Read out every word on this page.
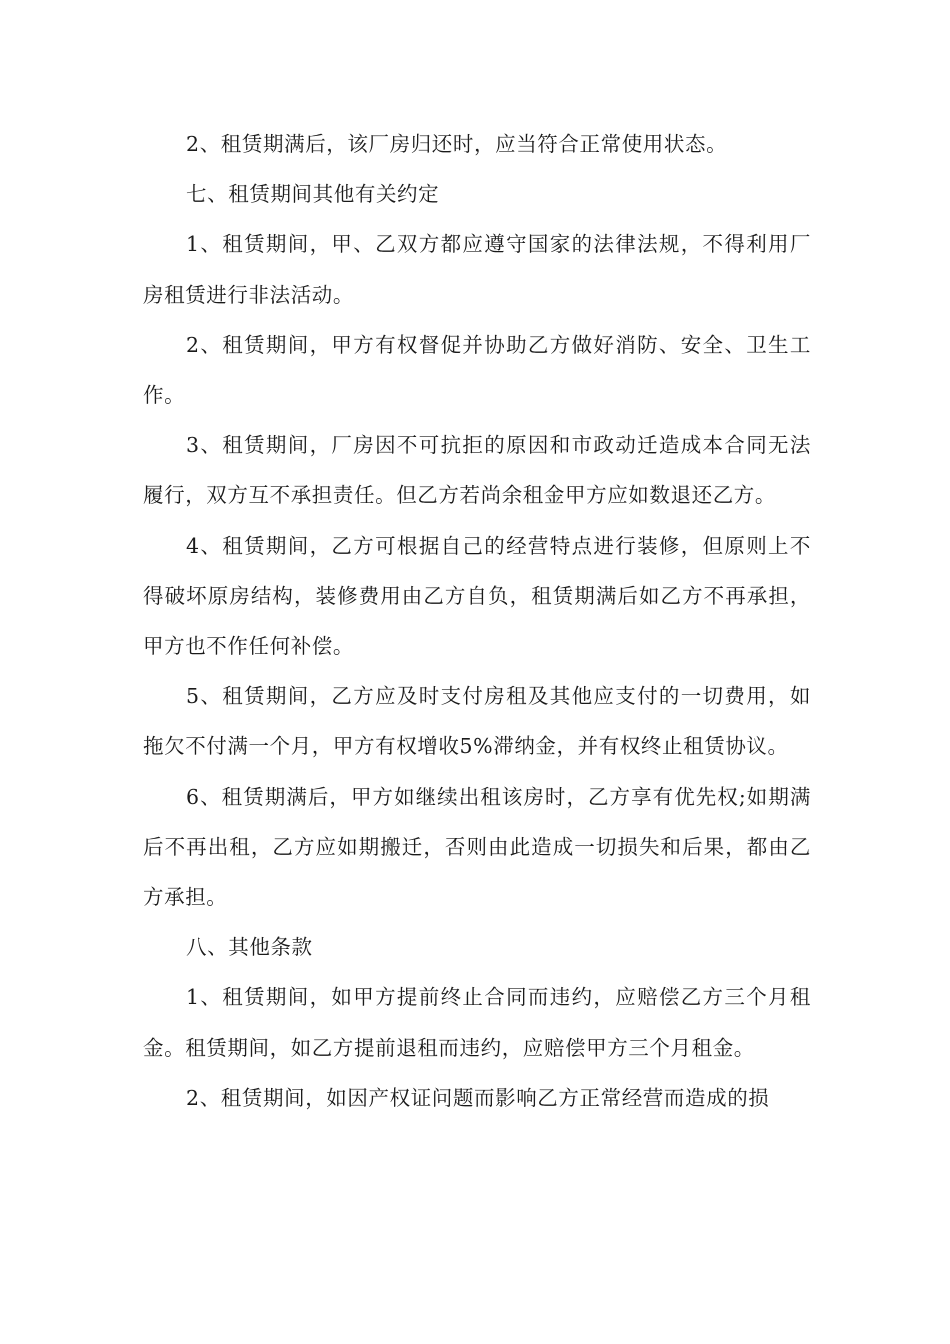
2、租赁期满后，该厂房归还时，应当符合正常使用状态。

七、租赁期间其他有关约定

1、租赁期间，甲、乙双方都应遵守国家的法律法规，不得利用厂房租赁进行非法活动。

2、租赁期间，甲方有权督促并协助乙方做好消防、安全、卫生工作。

3、租赁期间，厂房因不可抗拒的原因和市政动迁造成本合同无法履行，双方互不承担责任。但乙方若尚余租金甲方应如数退还乙方。

4、租赁期间，乙方可根据自己的经营特点进行装修，但原则上不得破坏原房结构，装修费用由乙方自负，租赁期满后如乙方不再承担，甲方也不作任何补偿。

5、租赁期间，乙方应及时支付房租及其他应支付的一切费用，如拖欠不付满一个月，甲方有权增收5%滞纳金，并有权终止租赁协议。

6、租赁期满后，甲方如继续出租该房时，乙方享有优先权;如期满后不再出租，乙方应如期搬迁，否则由此造成一切损失和后果，都由乙方承担。

八、其他条款

1、租赁期间，如甲方提前终止合同而违约，应赔偿乙方三个月租金。租赁期间，如乙方提前退租而违约，应赔偿甲方三个月租金。

2、租赁期间，如因产权证问题而影响乙方正常经营而造成的损
